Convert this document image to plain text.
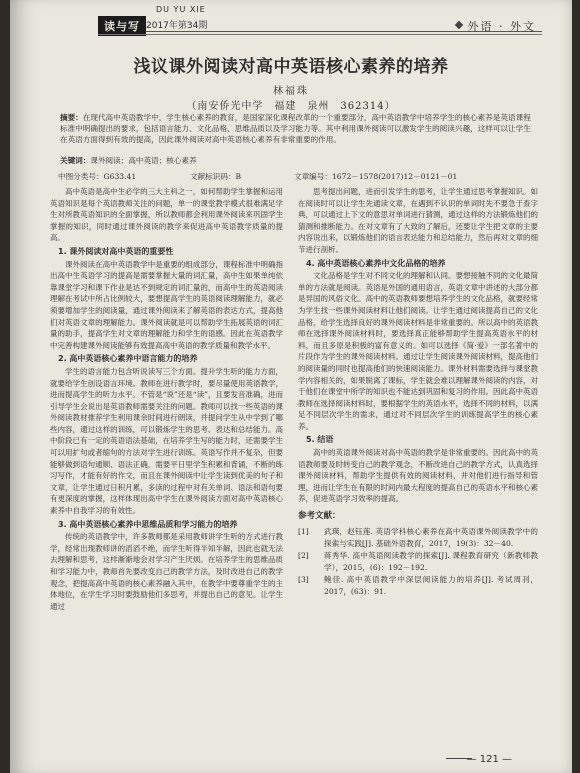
读与写
DU YU XIE
2017年第34期	外语 · 外文
浅议课外阅读对高中英语核心素养的培养
林福珠
（南安侨光中学　福建　泉州　362314）
摘要：在现代高中英语教学中，学生核心素养的教育，是国家深化课程改革的一个重要部分，高中英语教学中培养学生的核心素养是英语课程标准中明确提出的要求，包括语言能力、文化品格、思维品质以及学习能力等。其中利用课外阅读可以激发学生的阅读兴趣，这样可以让学生在英语方面得到有效的提高，因此课外阅读对高中英语核心素养有非常重要的作用。
关键词：课外阅读；高中英语；核心素养
中图分类号：G633.41	文献标识码：B	文章编号：1672－1578(2017)12－0121－01

高中英语是高中生必学的三大主科之一，如何帮助学生掌握和运用英语知识是每个英语教师关注的问题，单一的课堂教学模式很难满足学生对所教英语知识的全面掌握，所以教师都会利用课外阅读来巩固学生掌握的知识，同时通过课外阅读的教学来促进高中英语教学质量的提高。

1. 课外阅读对高中英语的重要性

课外阅读在高中英语教学中是重要的组成部分，课程标准中明确指出高中生英语学习的提高是需要掌握大量的词汇量，高中生如果单纯依靠课堂学习和课下作业是达不到规定的词汇量的，而高中生的英语阅读理解在考试中所占比例较大，要想提高学生的英语阅读理解能力，就必须要增加学生的阅读量，通过课外阅读来了解英语的表达方式，提高他们对英语文章的理解能力。课外阅读就是可以帮助学生拓展英语的词汇量的助手，提高学生对文章的理解能力和学生的语感。因此在英语教学中完善构建课外阅读能够有效提高高中英语的教学质量和教学水平。

2. 高中英语核心素养中语言能力的培养

学生的语言能力包含听说读写三个方面。提升学生听的能力方面，就要给学生创设语言环境。教师在进行教学时，要尽量使用英语教学，进而提高学生的听力水平。不管是“说”还是“读”，且要发音准确，进而引导学生会说出是英语教师需要关注的问题。教师可以找一些英语的课外阅读教材推荐学生利用课余时间进行朗读，并提问学生从中学到了哪些内容，通过这样的训练，可以锻炼学生的思考、表达和总结能力。高中阶段已有一定的英语语法基础，在培养学生写的能力时，还需要学生可以用扩句或者缩句的方法对学生进行训练。英语写作并不复杂，但要能够做到语句通顺、语法正确，需要平日里学生积累和背诵，不断的练习写作，才能有好的作文，而且在课外阅读中让学生读到优美的句子和文章，让学生通过日积月累，多读的过程中对有关单词、语法和语句要有更深度的掌握，这样体现出高中学生在课外阅读方面对高中英语核心素养中自我学习的有效性。

3. 高中英语核心素养中思维品质和学习能力的培养

传统的英语教学中，许多教师都是采用教师讲学生听的方式进行教学，经常出现教师讲的滔滔不绝，而学生听得半知半解，因此也就无法去理解和思考，这样渐渐地会对学习产生厌烦。在培养学生的思维品质和学习能力中，教师首先要改变自己的教学方法，及时改进自己的教学观念，把提高高中英语的核心素养融入其中，在教学中要尊重学生的主体地位，在学生学习时要鼓励他们多思考，并提出自己的意见。让学生通过

思考提出问题，进而引发学生的思考，让学生通过思考掌握知识。如在阅读时可以让学生先通读文章，在遇到不认识的单词时先不要急于查字典，可以通过上下文的意思对单词进行猜测，通过这样的方法锻炼他们的猜测和推断能力。在对文章有了大致的了解后，还要让学生把文章的主要内容说出来，以锻炼他们的语言表达能力和总结能力，然后再对文章的细节进行剖析。

4. 高中英语核心素养中文化品格的培养

文化品格是学生对不同文化的理解和认同。要想接触不同的文化最简单的方法就是阅读。英语是外国的通用语言，英语文章中讲述的大部分都是异国的风俗文化。高中的英语教师要想培养学生的文化品格，就要经常为学生找一些课外阅读材料让他们阅读。让学生通过阅读提高自己的文化品格，给学生选择良好的课外阅读材料是非常重要的。所以高中的英语教师在选择课外阅读材料时，要选择真正能够帮助学生提高英语水平的材料，而且多原是积极的富有意义的。如可以选择《简·爱》一部名著中的片段作为学生的课外阅读材料。通过让学生阅读课外阅读材料，提高他们的阅读量的同时也提高他们的快速阅读能力。课外材料需要选择与课堂教学内容相关的，如果脱离了课标，学生就会难以理解课外阅读的内容，对于他们在课堂中所学的知识也不能达到巩固和复习的作用。因此高中英语教师在选择阅读材料时，要根据学生的英语水平，选择不同的材料，以满足不同层次学生的需求，通过对不同层次学生的训练提高学生的核心素养。

5. 结语

高中的英语课外阅读对高中英语的教学是非常重要的。因此高中的英语教师要及时转变自己的教学观念，不断改进自己的教学方式，认真选择课外阅读材料，帮助学生提供有效的阅读材料，并对他们进行指导和管理，进而让学生在有限的时间内最大程度的提高自己的英语水平和核心素养，促进英语学习效率的提高。

参考文献：
[1]	武瑛，赵钰莲. 英语学科核心素养在高中英语课外阅读教学中的探索与实践[J]. 基础外语教育，2017，19(3)：32－40.
[2]	蒋秀华. 高中英语阅读教学的探索[J]. 课程教育研究（新教师教学），2015，(6)：192－192.
[3]	鲍佳. 高中英语教学中深层阅读能力的培养[J]. 考试周刊，2017，(63)：91.
— 121 —
